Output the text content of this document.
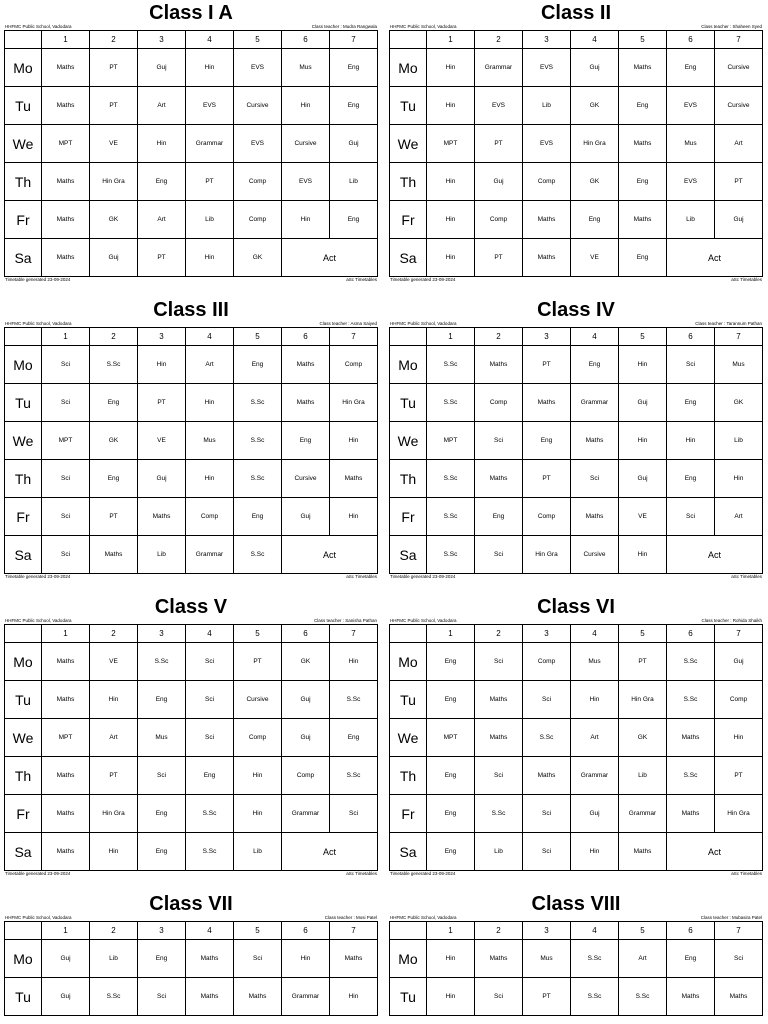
Class I A
HHFMC Public School, Vadodara	Class teacher : Mudra Rangwala
	1	2	3	4	5	6	7
Mo	Maths	PT	Guj	Hin	EVS	Mus	Eng
Tu	Maths	PT	Art	EVS	Cursive	Hin	Eng
We	MPT	VE	Hin	Grammar	EVS	Cursive	Guj
Th	Maths	Hin Gra	Eng	PT	Comp	EVS	Lib
Fr	Maths	GK	Art	Lib	Comp	Hin	Eng
Sa	Maths	Guj	PT	Hin	GK	Act	
Timetable generated 23-09-2024	aSc Timetables
Class II
HHFMC Public School, Vadodara	Class teacher : Shaheen Syed
	1	2	3	4	5	6	7
Mo	Hin	Grammar	EVS	Guj	Maths	Eng	Cursive
Tu	Hin	EVS	Lib	GK	Eng	EVS	Cursive
We	MPT	PT	EVS	Hin Gra	Maths	Mus	Art
Th	Hin	Guj	Comp	GK	Eng	EVS	PT
Fr	Hin	Comp	Maths	Eng	Maths	Lib	Guj
Sa	Hin	PT	Maths	VE	Eng	Act	
Timetable generated 23-09-2024	aSc Timetables
Class III
HHFMC Public School, Vadodara	Class teacher : Asma Saiyed
	1	2	3	4	5	6	7
Mo	Sci	S.Sc	Hin	Art	Eng	Maths	Comp
Tu	Sci	Eng	PT	Hin	S.Sc	Maths	Hin Gra
We	MPT	GK	VE	Mus	S.Sc	Eng	Hin
Th	Sci	Eng	Guj	Hin	S.Sc	Cursive	Maths
Fr	Sci	PT	Maths	Comp	Eng	Guj	Hin
Sa	Sci	Maths	Lib	Grammar	S.Sc	Act	
Timetable generated 23-09-2024	aSc Timetables
Class IV
HHFMC Public School, Vadodara	Class teacher : Tarannum Pathan
	1	2	3	4	5	6	7
Mo	S.Sc	Maths	PT	Eng	Hin	Sci	Mus
Tu	S.Sc	Comp	Maths	Grammar	Guj	Eng	GK
We	MPT	Sci	Eng	Maths	Hin	Hin	Lib
Th	S.Sc	Maths	PT	Sci	Guj	Eng	Hin
Fr	S.Sc	Eng	Comp	Maths	VE	Sci	Art
Sa	S.Sc	Sci	Hin Gra	Cursive	Hin	Act	
Timetable generated 23-09-2024	aSc Timetables
Class V
HHFMC Public School, Vadodara	Class teacher : Sanisha Pathan
	1	2	3	4	5	6	7
Mo	Maths	VE	S.Sc	Sci	PT	GK	Hin
Tu	Maths	Hin	Eng	Sci	Cursive	Guj	S.Sc
We	MPT	Art	Mus	Sci	Comp	Guj	Eng
Th	Maths	PT	Sci	Eng	Hin	Comp	S.Sc
Fr	Maths	Hin Gra	Eng	S.Sc	Hin	Grammar	Sci
Sa	Maths	Hin	Eng	S.Sc	Lib	Act	
Timetable generated 23-09-2024	aSc Timetables
Class VI
HHFMC Public School, Vadodara	Class teacher : Rohida Shaikh
	1	2	3	4	5	6	7
Mo	Eng	Sci	Comp	Mus	PT	S.Sc	Guj
Tu	Eng	Maths	Sci	Hin	Hin Gra	S.Sc	Comp
We	MPT	Maths	S.Sc	Art	GK	Maths	Hin
Th	Eng	Sci	Maths	Grammar	Lib	S.Sc	PT
Fr	Eng	S.Sc	Sci	Guj	Grammar	Maths	Hin Gra
Sa	Eng	Lib	Sci	Hin	Maths	Act	
Timetable generated 23-09-2024	aSc Timetables
Class VII
HHFMC Public School, Vadodara	Class teacher : Mosi Patel
	1	2	3	4	5	6	7
Mo	Guj	Lib	Eng	Maths	Sci	Hin	Maths
Tu	Guj	S.Sc	Sci	Maths	Maths	Grammar	Hin
Class VIII
HHFMC Public School, Vadodara	Class teacher : Mubasira Patel
	1	2	3	4	5	6	7
Mo	Hin	Maths	Mus	S.Sc	Art	Eng	Sci
Tu	Hin	Sci	PT	S.Sc	S.Sc	Maths	Maths
